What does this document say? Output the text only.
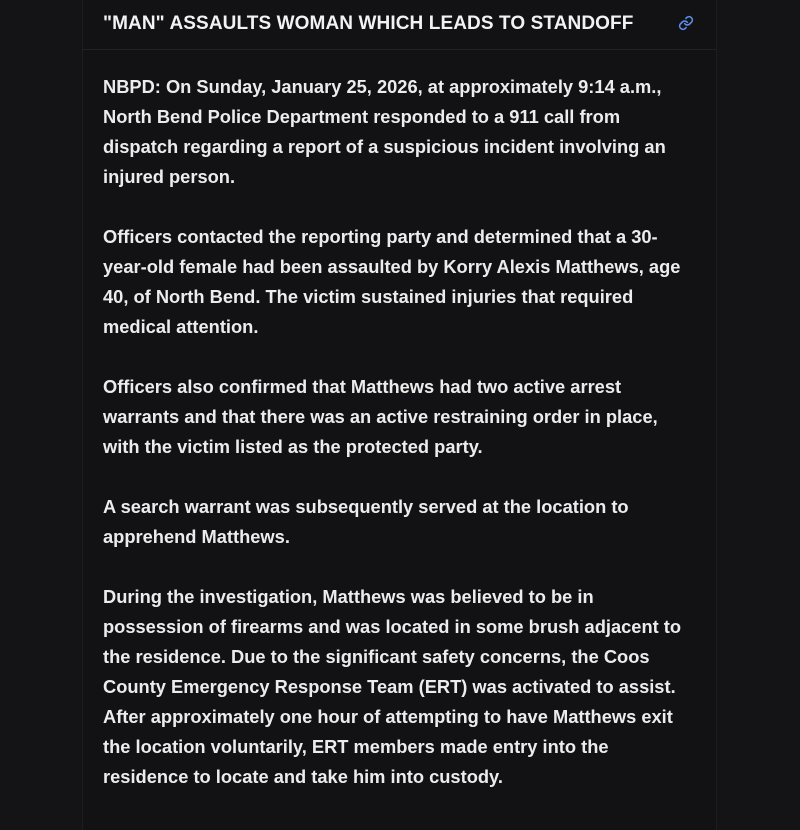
"MAN" ASSAULTS WOMAN WHICH LEADS TO STANDOFF

NBPD: On Sunday, January 25, 2026, at approximately 9:14 a.m., North Bend Police Department responded to a 911 call from dispatch regarding a report of a suspicious incident involving an injured person.

Officers contacted the reporting party and determined that a 30-year-old female had been assaulted by Korry Alexis Matthews, age 40, of North Bend. The victim sustained injuries that required medical attention.

Officers also confirmed that Matthews had two active arrest warrants and that there was an active restraining order in place, with the victim listed as the protected party.

A search warrant was subsequently served at the location to apprehend Matthews.

During the investigation, Matthews was believed to be in possession of firearms and was located in some brush adjacent to the residence. Due to the significant safety concerns, the Coos County Emergency Response Team (ERT) was activated to assist. After approximately one hour of attempting to have Matthews exit the location voluntarily, ERT members made entry into the residence to locate and take him into custody.
